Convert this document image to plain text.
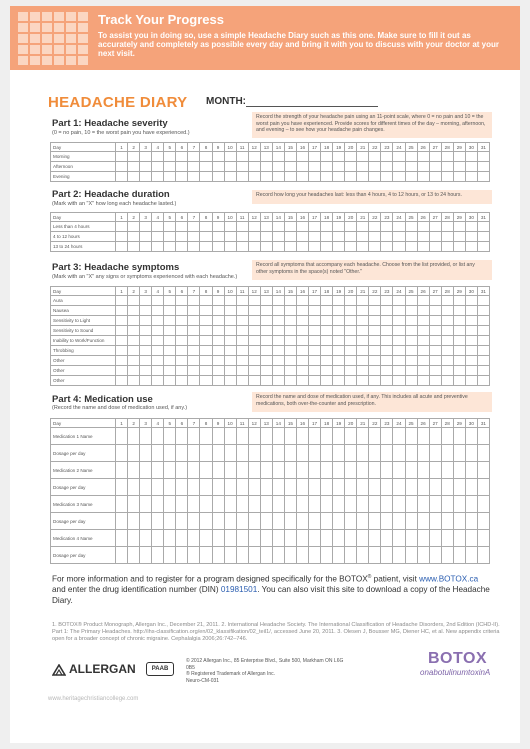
Track Your Progress
To assist you in doing so, use a simple Headache Diary such as this one. Make sure to fill it out as accurately and completely as possible every day and bring it with you to discuss with your doctor at your next visit.
HEADACHE DIARY MONTH:
Part 1: Headache severity
(0 = no pain, 10 = the worst pain you have experienced.)
Record the strength of your headache pain using an 11-point scale, where 0 = no pain and 10 = the worst pain you have experienced. Provide scores for different times of the day – morning, afternoon, and evening – to see how your headache pain changes.
Day	1	2	3	4	5	6	7	8	9	10	11	12	13	14	15	16	17	18	19	20	21	22	23	24	25	26	27	28	29	30	31
Morning																															
Afternoon																															
Evening																															
Part 2: Headache duration
(Mark with an "X" how long each headache lasted.)
Record how long your headaches last: less than 4 hours, 4 to 12 hours, or 13 to 24 hours.
Day	1	2	3	4	5	6	7	8	9	10	11	12	13	14	15	16	17	18	19	20	21	22	23	24	25	26	27	28	29	30	31
Less than 4 hours																															
4 to 12 hours																															
13 to 24 hours																															
Part 3: Headache symptoms
(Mark with an "X" any signs or symptoms experienced with each headache.)
Record all symptoms that accompany each headache. Choose from the list provided, or list any other symptoms in the space(s) noted "Other."
Day	1	2	3	4	5	6	7	8	9	10	11	12	13	14	15	16	17	18	19	20	21	22	23	24	25	26	27	28	29	30	31
Aura																															
Nausea																															
Sensitivity to Light																															
Sensitivity to Sound																															
Inability to Work/Function																															
Throbbing																															
Other																															
Other																															
Other																															
Part 4: Medication use
(Record the name and dose of medication used, if any.)
Record the name and dose of medication used, if any. This includes all acute and preventive medications, both over-the-counter and prescription.
Day	1	2	3	4	5	6	7	8	9	10	11	12	13	14	15	16	17	18	19	20	21	22	23	24	25	26	27	28	29	30	31
Medication 1 Name																															
Dosage per day																															
Medication 2 Name																															
Dosage per day																															
Medication 3 Name																															
Dosage per day																															
Medication 4 Name																															
Dosage per day																															
For more information and to register for a program designed specifically for the BOTOX® patient, visit www.BOTOX.ca and enter the drug identification number (DIN) 01981501. You can also visit this site to download a copy of the Headache Diary.
1. BOTOX® Product Monograph, Allergan Inc., December 21, 2011. 2. International Headache Society. The International Classification of Headache Disorders, 2nd Edition (ICHD-II). Part 1: The Primary Headaches. http://ihs-classification.org/en/02_klassifikation/02_teil1/, accessed June 20, 2011. 3. Olesen J, Bousser MG, Diener HC, et al. New appendix criteria open for a broader concept of chronic migraine. Cephalalgia 2006;26:742–746.
ALLERGAN	PAAB
© 2012 Allergan Inc., 85 Enterprise Blvd., Suite 500, Markham ON L6G 0B5
® Registered Trademark of Allergan Inc.
Neuro-CM-031
BOTOX
onabotulinumtoxinA
www.heritagechristiancollege.com
